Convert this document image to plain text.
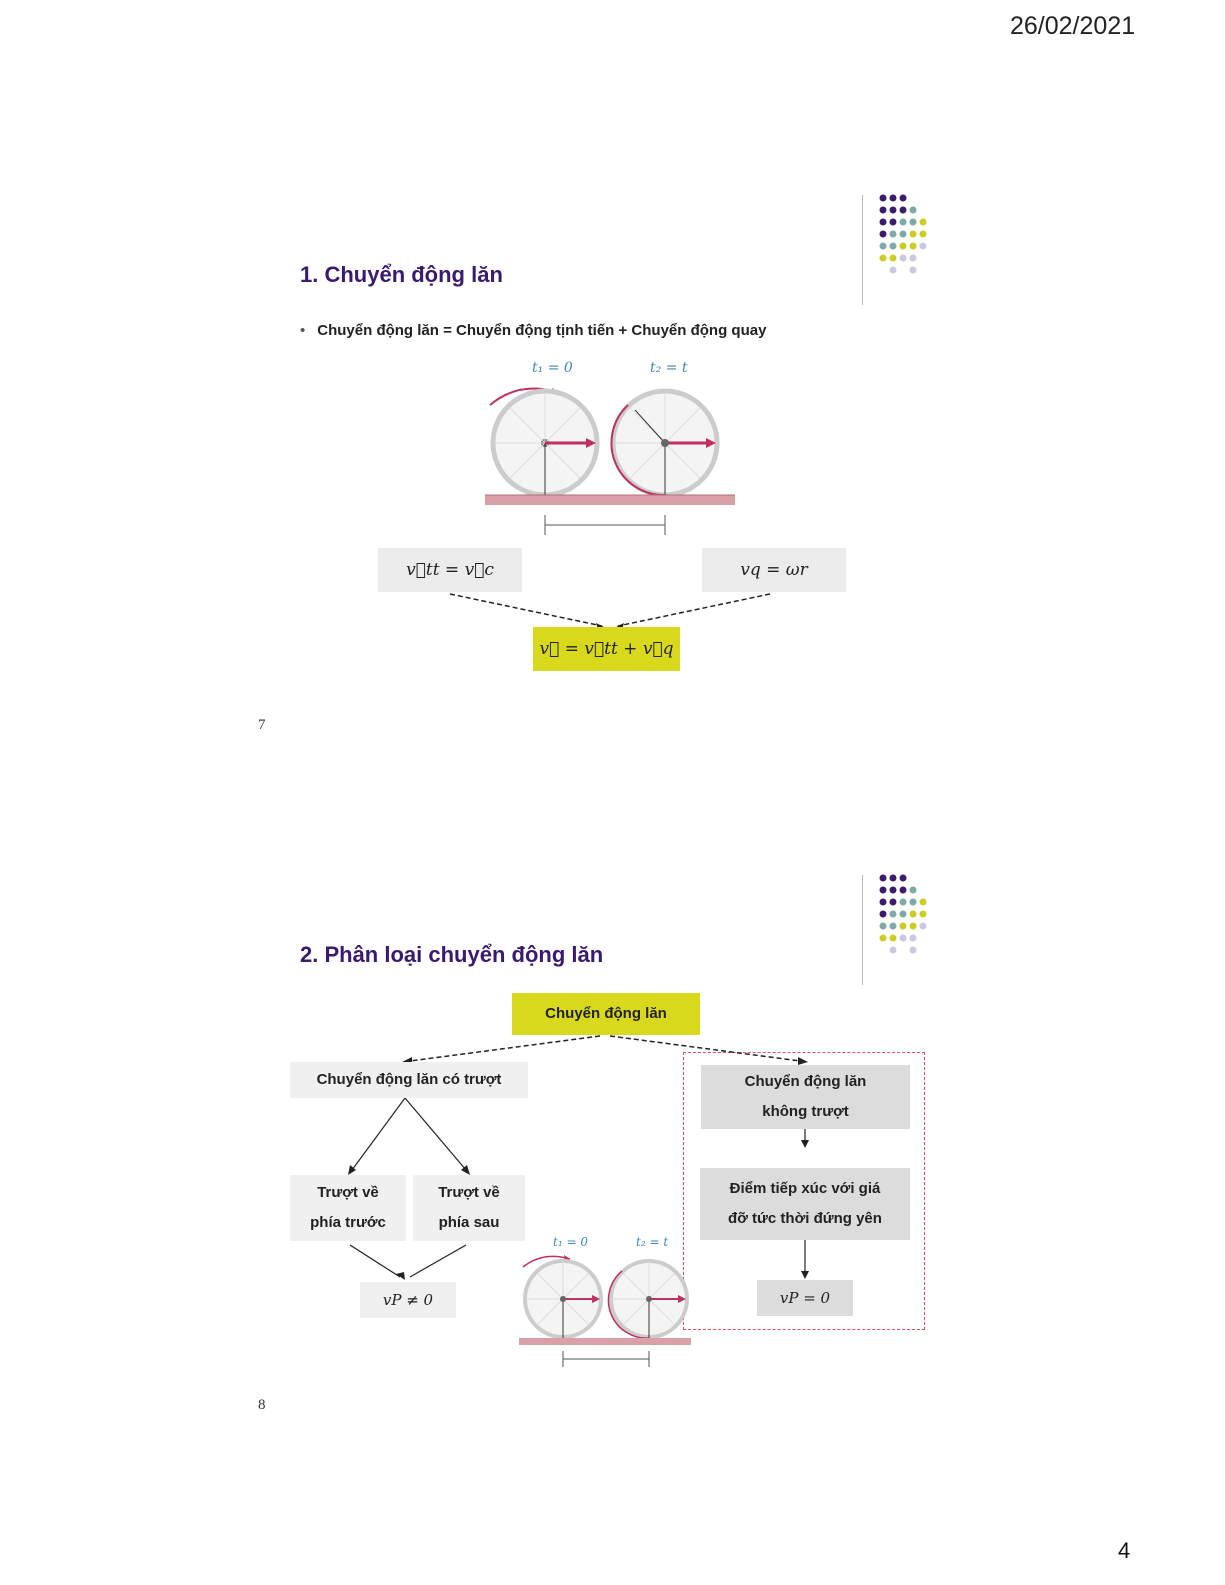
26/02/2021
4
1. Chuyển động lăn
• Chuyển động lăn = Chuyển động tịnh tiến + Chuyển động quay
t₁ = 0	t₂ = t
v⃗tt = v⃗c	vq = ωr
v⃗ = v⃗tt + v⃗q
7
2. Phân loại chuyển động lăn
Chuyển động lăn
Chuyển động lăn có trượt
Trượt về
phía trước
Trượt về
phía sau
vP ≠ 0
Chuyển động lăn
không trượt
Điểm tiếp xúc với giá
đỡ tức thời đứng yên
vP = 0
t₁ = 0	t₂ = t
8
